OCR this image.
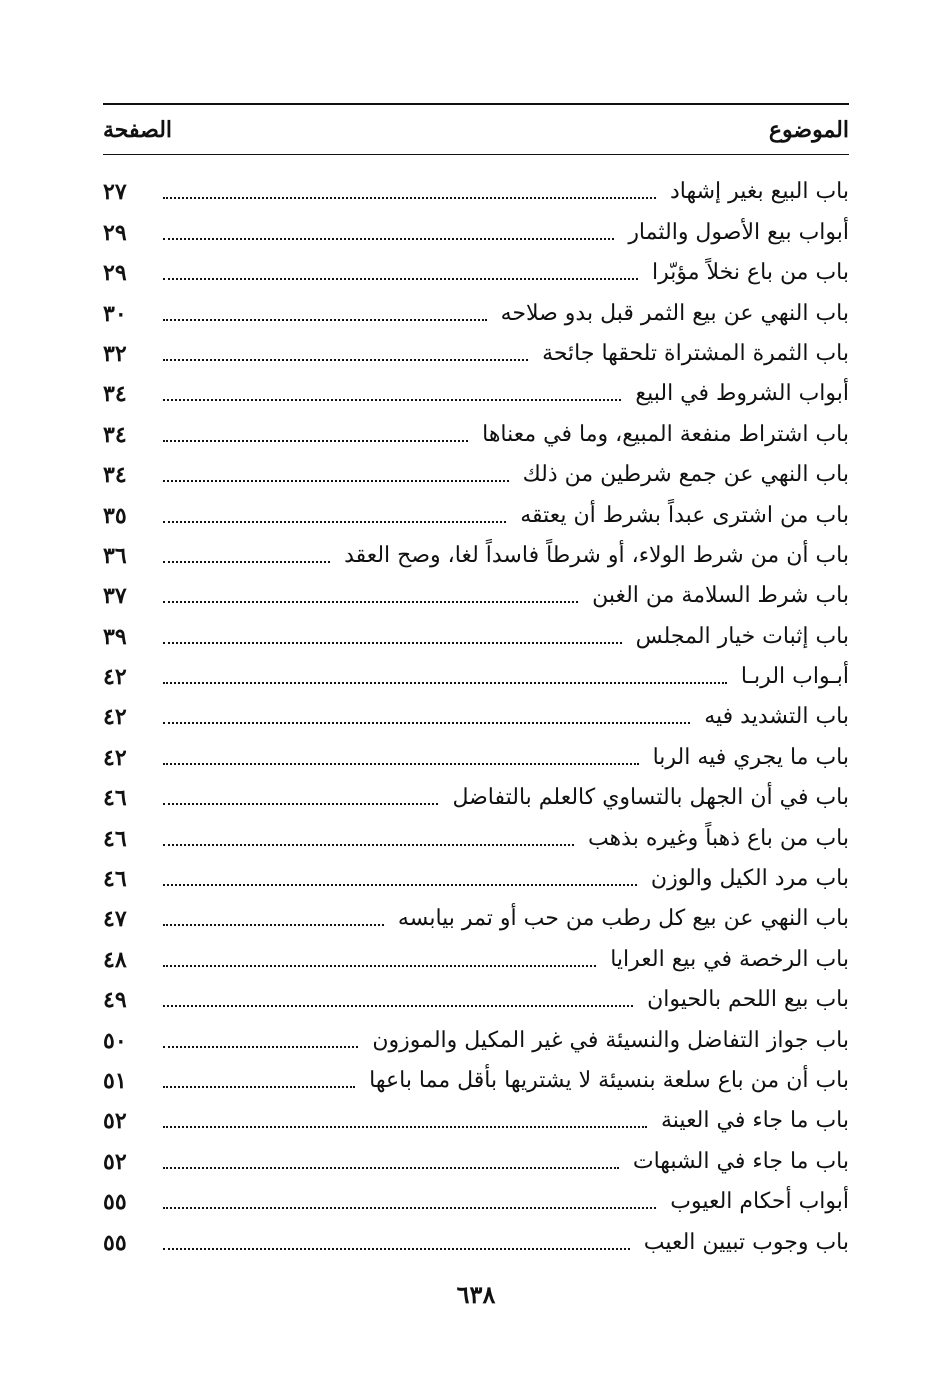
الموضوع
الصفحة
باب البيع بغير إشهاد
٢٧
أبواب بيع الأصول والثمار
٢٩
باب من باع نخلاً مؤبّرا
٢٩
باب النهي عن بيع الثمر قبل بدو صلاحه
٣٠
باب الثمرة المشتراة تلحقها جائحة
٣٢
أبواب الشروط في البيع
٣٤
باب اشتراط منفعة المبيع، وما في معناها
٣٤
باب النهي عن جمع شرطين من ذلك
٣٤
باب من اشترى عبداً بشرط أن يعتقه
٣٥
باب أن من شرط الولاء، أو شرطاً فاسداً لغا، وصح العقد
٣٦
باب شرط السلامة من الغبن
٣٧
باب إثبات خيار المجلس
٣٩
أبـواب الربـا
٤٢
باب التشديد فيه
٤٢
باب ما يجري فيه الربا
٤٢
باب في أن الجهل بالتساوي كالعلم بالتفاضل
٤٦
باب من باع ذهباً وغيره بذهب
٤٦
باب مرد الكيل والوزن
٤٦
باب النهي عن بيع كل رطب من حب أو تمر بيابسه
٤٧
باب الرخصة في بيع العرايا
٤٨
باب بيع اللحم بالحيوان
٤٩
باب جواز التفاضل والنسيئة في غير المكيل والموزون
٥٠
باب أن من باع سلعة بنسيئة لا يشتريها بأقل مما باعها
٥١
باب ما جاء في العينة
٥٢
باب ما جاء في الشبهات
٥٢
أبواب أحكام العيوب
٥٥
باب وجوب تبيين العيب
٥٥
٦٣٨
